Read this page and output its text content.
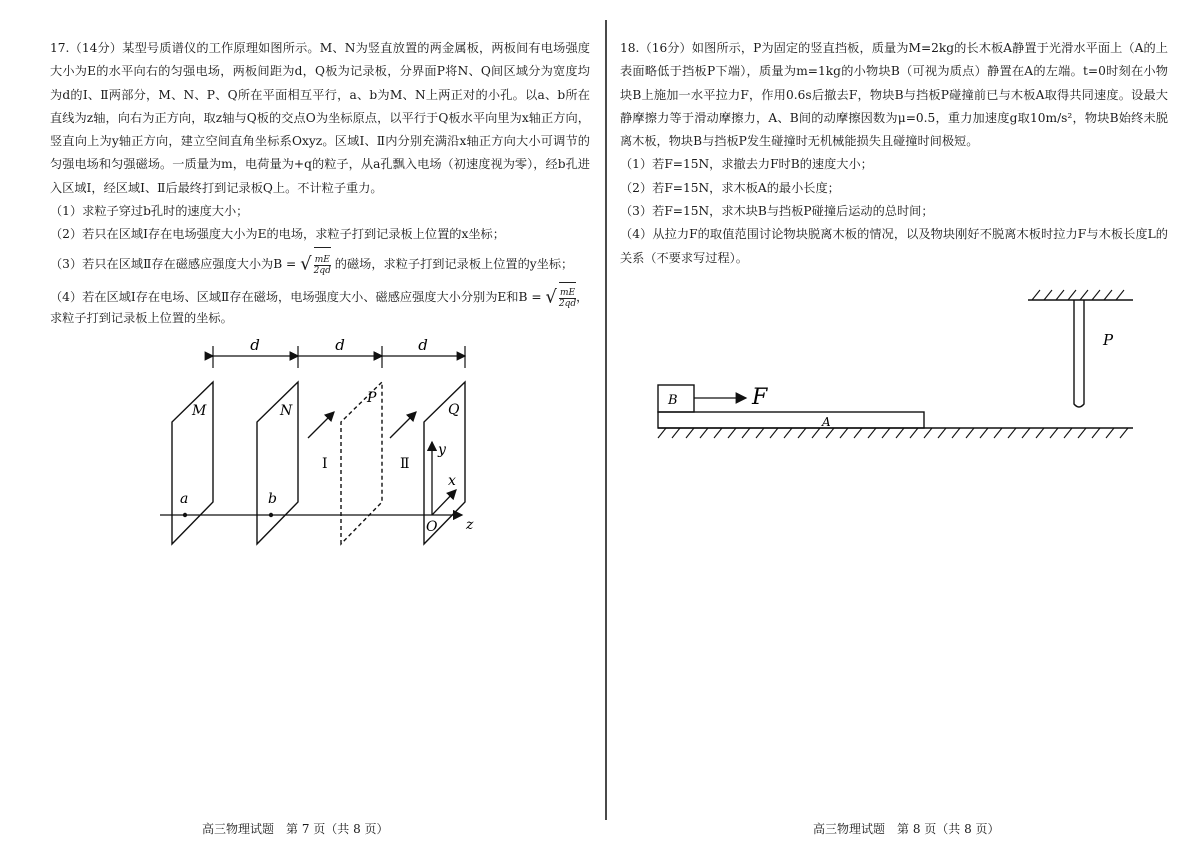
17.（14分）某型号质谱仪的工作原理如图所示。M、N为竖直放置的两金属板，两板间有电场强度大小为E的水平向右的匀强电场，两板间距为d，Q板为记录板，分界面P将N、Q间区域分为宽度均为d的Ⅰ、Ⅱ两部分，M、N、P、Q所在平面相互平行，a、b为M、N上两正对的小孔。以a、b所在直线为z轴，向右为正方向，取z轴与Q板的交点O为坐标原点，以平行于Q板水平向里为x轴正方向，竖直向上为y轴正方向，建立空间直角坐标系Oxyz。区域Ⅰ、Ⅱ内分别充满沿x轴正方向大小可调节的匀强电场和匀强磁场。一质量为m，电荷量为+q的粒子，从a孔飘入电场（初速度视为零），经b孔进入区域Ⅰ，经区域Ⅰ、Ⅱ后最终打到记录板Q上。不计粒子重力。

（1）求粒子穿过b孔时的速度大小；

（2）若只在区域Ⅰ存在电场强度大小为E的电场，求粒子打到记录板上位置的x坐标；

（3）若只在区域Ⅱ存在磁感应强度大小为B = √ $\frac{mE}{2qd}$ 的磁场，求粒子打到记录板上位置的y坐标；

（4）若在区域Ⅰ存在电场、区域Ⅱ存在磁场，电场强度大小、磁感应强度大小分别为E和B = √ $\frac{mE}{2qd}$ ，

求粒子打到记录板上位置的坐标。

d	d	d
M	N
P
Q
Ⅰ	Ⅱ
a	b
y
x
z
O
高三物理试题　第 7 页（共 8 页）

18.（16分）如图所示，P为固定的竖直挡板，质量为M=2kg的长木板A静置于光滑水平面上（A的上表面略低于挡板P下端），质量为m=1kg的小物块B（可视为质点）静置在A的左端。t=0时刻在小物块B上施加一水平拉力F，作用0.6s后撤去F，物块B与挡板P碰撞前已与木板A取得共同速度。设最大静摩擦力等于滑动摩擦力，A、B间的动摩擦因数为μ=0.5，重力加速度g取10m/s²，物块B始终未脱离木板，物块B与挡板P发生碰撞时无机械能损失且碰撞时间极短。

（1）若F=15N，求撤去力F时B的速度大小；

（2）若F=15N，求木板A的最小长度；

（3）若F=15N，求木块B与挡板P碰撞后运动的总时间；

（4）从拉力F的取值范围讨论物块脱离木板的情况，以及物块刚好不脱离木板时拉力F与木板长度L的关系（不要求写过程）。

P
A
B	F
高三物理试题　第 8 页（共 8 页）
